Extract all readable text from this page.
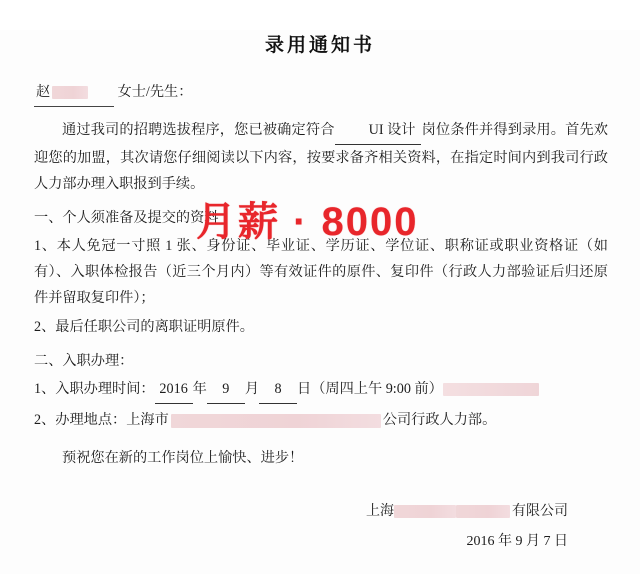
录用通知书
赵	女士/先生：
通过我司的招聘选拔程序，您已被确定符合 UI 设计 岗位条件并得到录用。首先欢迎您的加盟，其次请您仔细阅读以下内容，按要求备齐相关资料，在指定时间内到我司行政人力部办理入职报到手续。
一、个人须准备及提交的资料
1、本人免冠一寸照 1 张、身份证、毕业证、学历证、学位证、职称证或职业资格证（如有）、入职体检报告（近三个月内）等有效证件的原件、复印件（行政人力部验证后归还原件并留取复印件）；
2、最后任职公司的离职证明原件。
二、入职办理：
1、入职办理时间： 2016 年 9 月 8 日（周四上午 9:00 前）
2、办理地点：上海市	公司行政人力部。
预祝您在新的工作岗位上愉快、进步！
上海	有限公司
2016 年 9 月 7 日
月薪 · 8000
